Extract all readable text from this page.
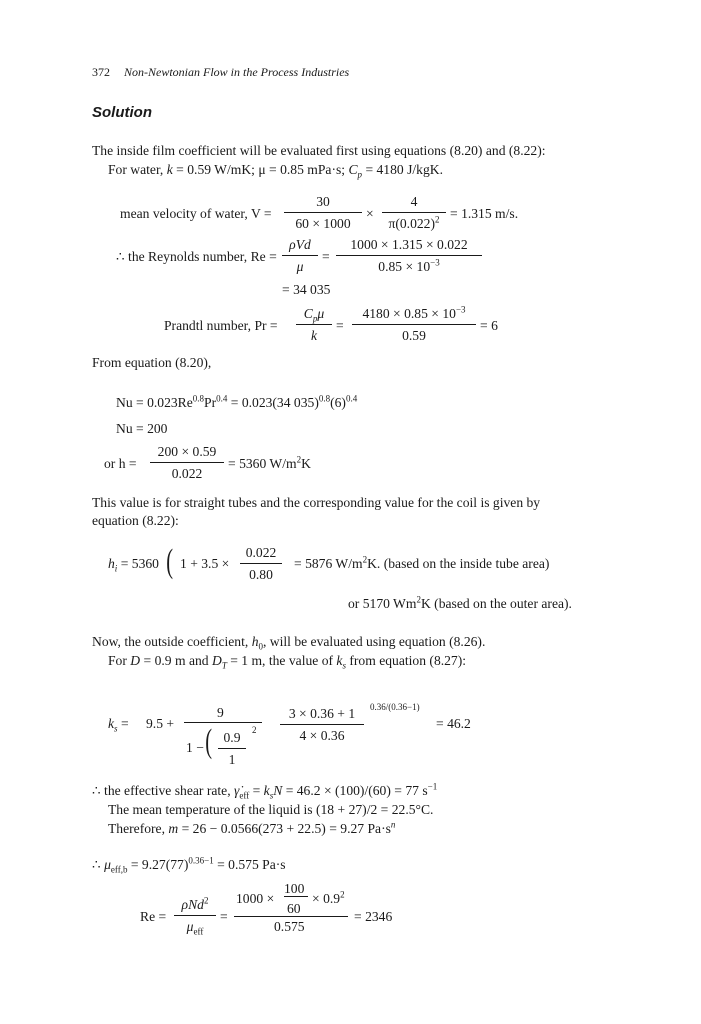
372 Non-Newtonian Flow in the Process Industries
Solution
The inside film coefficient will be evaluated first using equations (8.20) and (8.22):
For water, k = 0.59 W/mK; μ = 0.85 mPa·s; $C_p = 4180$ J/kgK.
mean velocity of water, $V = \frac{30}{60 \times 1000} \times \frac{4}{\pi(0.022)^2} = 1.315$ m/s.
∴ the Reynolds number, Re =
ρVd
μ
= $\frac{1000 \times 1.315 \times 0.022}{0.85 \times 10^{-3}}$
= 34 035
Prandtl number, Pr =
$C_p\mu$
k
= $\frac{4180 \times 0.85 \times 10^{-3}}{0.59} = 6$
From equation (8.20),
$Nu = 0.023Re^{0.8}Pr^{0.4} = 0.023(34$ $035)^{0.8}(6)^{0.4}$
Nu = 200
or $h = \frac{200 \times 0.59}{0.022} = 5360$ $W/m^2K$
This value is for straight tubes and the corresponding value for the coil is given by
equation (8.22):
$h_i = 5360$ ( $1 + 3.5 \times \frac{0.022}{0.80} = 5876$ $W/m^2K$. (based on the inside tube area)
or 5170 Wm$^2$K (based on the outer area).
Now, the outside coefficient, $h_0$, will be evaluated using equation (8.26).
For D = 0.9 m and $D_T = 1$ m, the value of $k_s$ from equation (8.27):
$k_s = 9.5$ +
9
1 − ( $\frac{0.9}{1} 2 \frac{3 \times 0.36 + 1}{4 \times 0.36} 0.36/(0.36-1)$
= 46.2
∴ the effective shear rate, $\gammȧ_{eff} = k_sN = 46.2 \times (100)/(60) = 77$ $s^{-1}$
The mean temperature of the liquid is (18 + 27)/2 = 22.5°C.
Therefore, m = 26 − 0.0566(273 + 22.5) = 9.27 $Pa\cdot s^n$
∴ $\mu_{eff,b} = 9.27(77)^{0.36-1} = 0.575$ Pa·s
Re =
ρNd$^2$
$\mu_{eff}$
=
100
1000 ×
60
× $0.9^2$
0.575
= 2346
